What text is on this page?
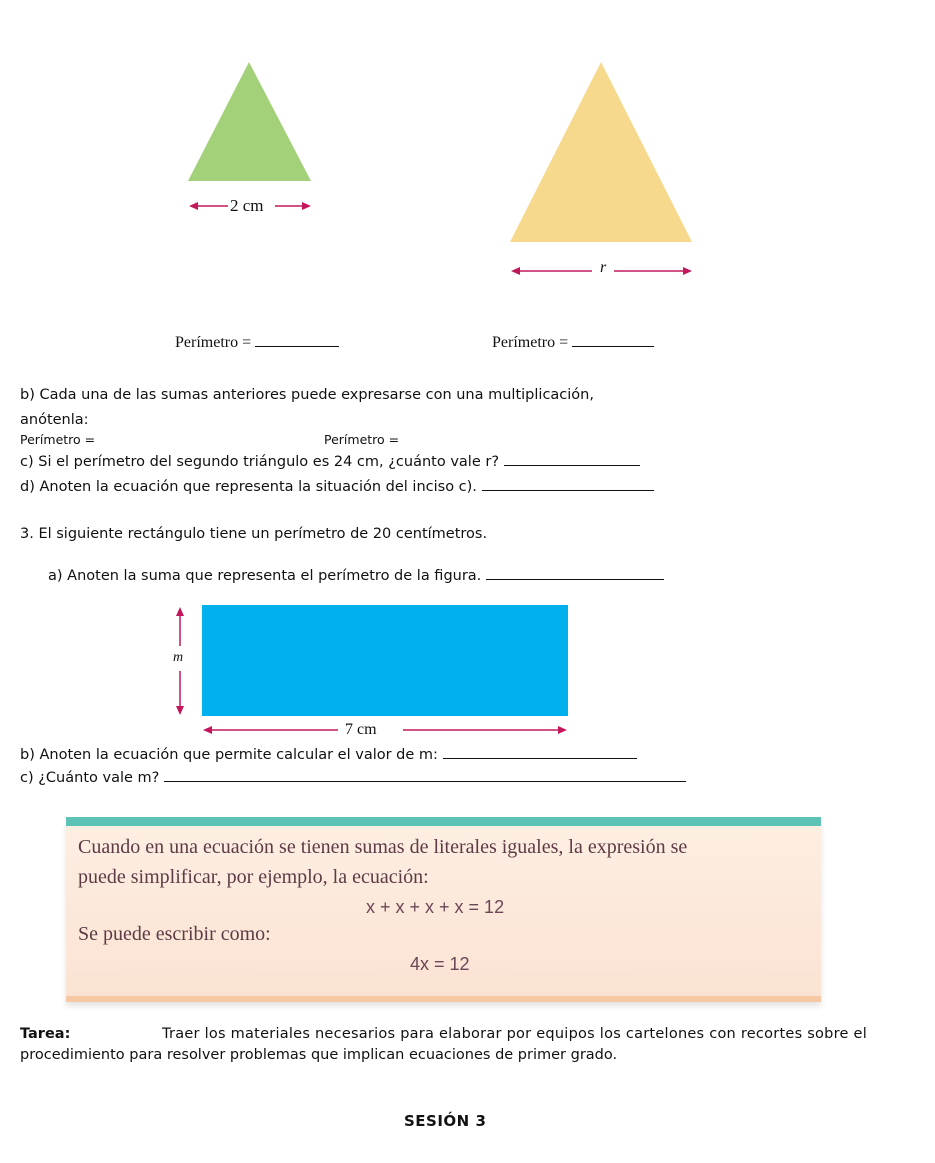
2 cm
r
Perímetro =	Perímetro =
b) Cada una de las sumas anteriores puede expresarse con una multiplicación,
anótenla:
Perímetro =	Perímetro =
c) Si el perímetro del segundo triángulo es 24 cm, ¿cuánto vale r?
d) Anoten la ecuación que representa la situación del inciso c).
3. El siguiente rectángulo tiene un perímetro de 20 centímetros.
a) Anoten la suma que representa el perímetro de la figura.
m
7 cm
b) Anoten la ecuación que permite calcular el valor de m:
c) ¿Cuánto vale m?
Cuando en una ecuación se tienen sumas de literales iguales, la expresión se
puede simplificar, por ejemplo, la ecuación:
x + x + x + x = 12
Se puede escribir como:
4x = 12
Tarea:	Traer los materiales necesarios para elaborar por equipos los cartelones con recortes sobre el
procedimiento para resolver problemas que implican ecuaciones de primer grado.
SESIÓN 3
